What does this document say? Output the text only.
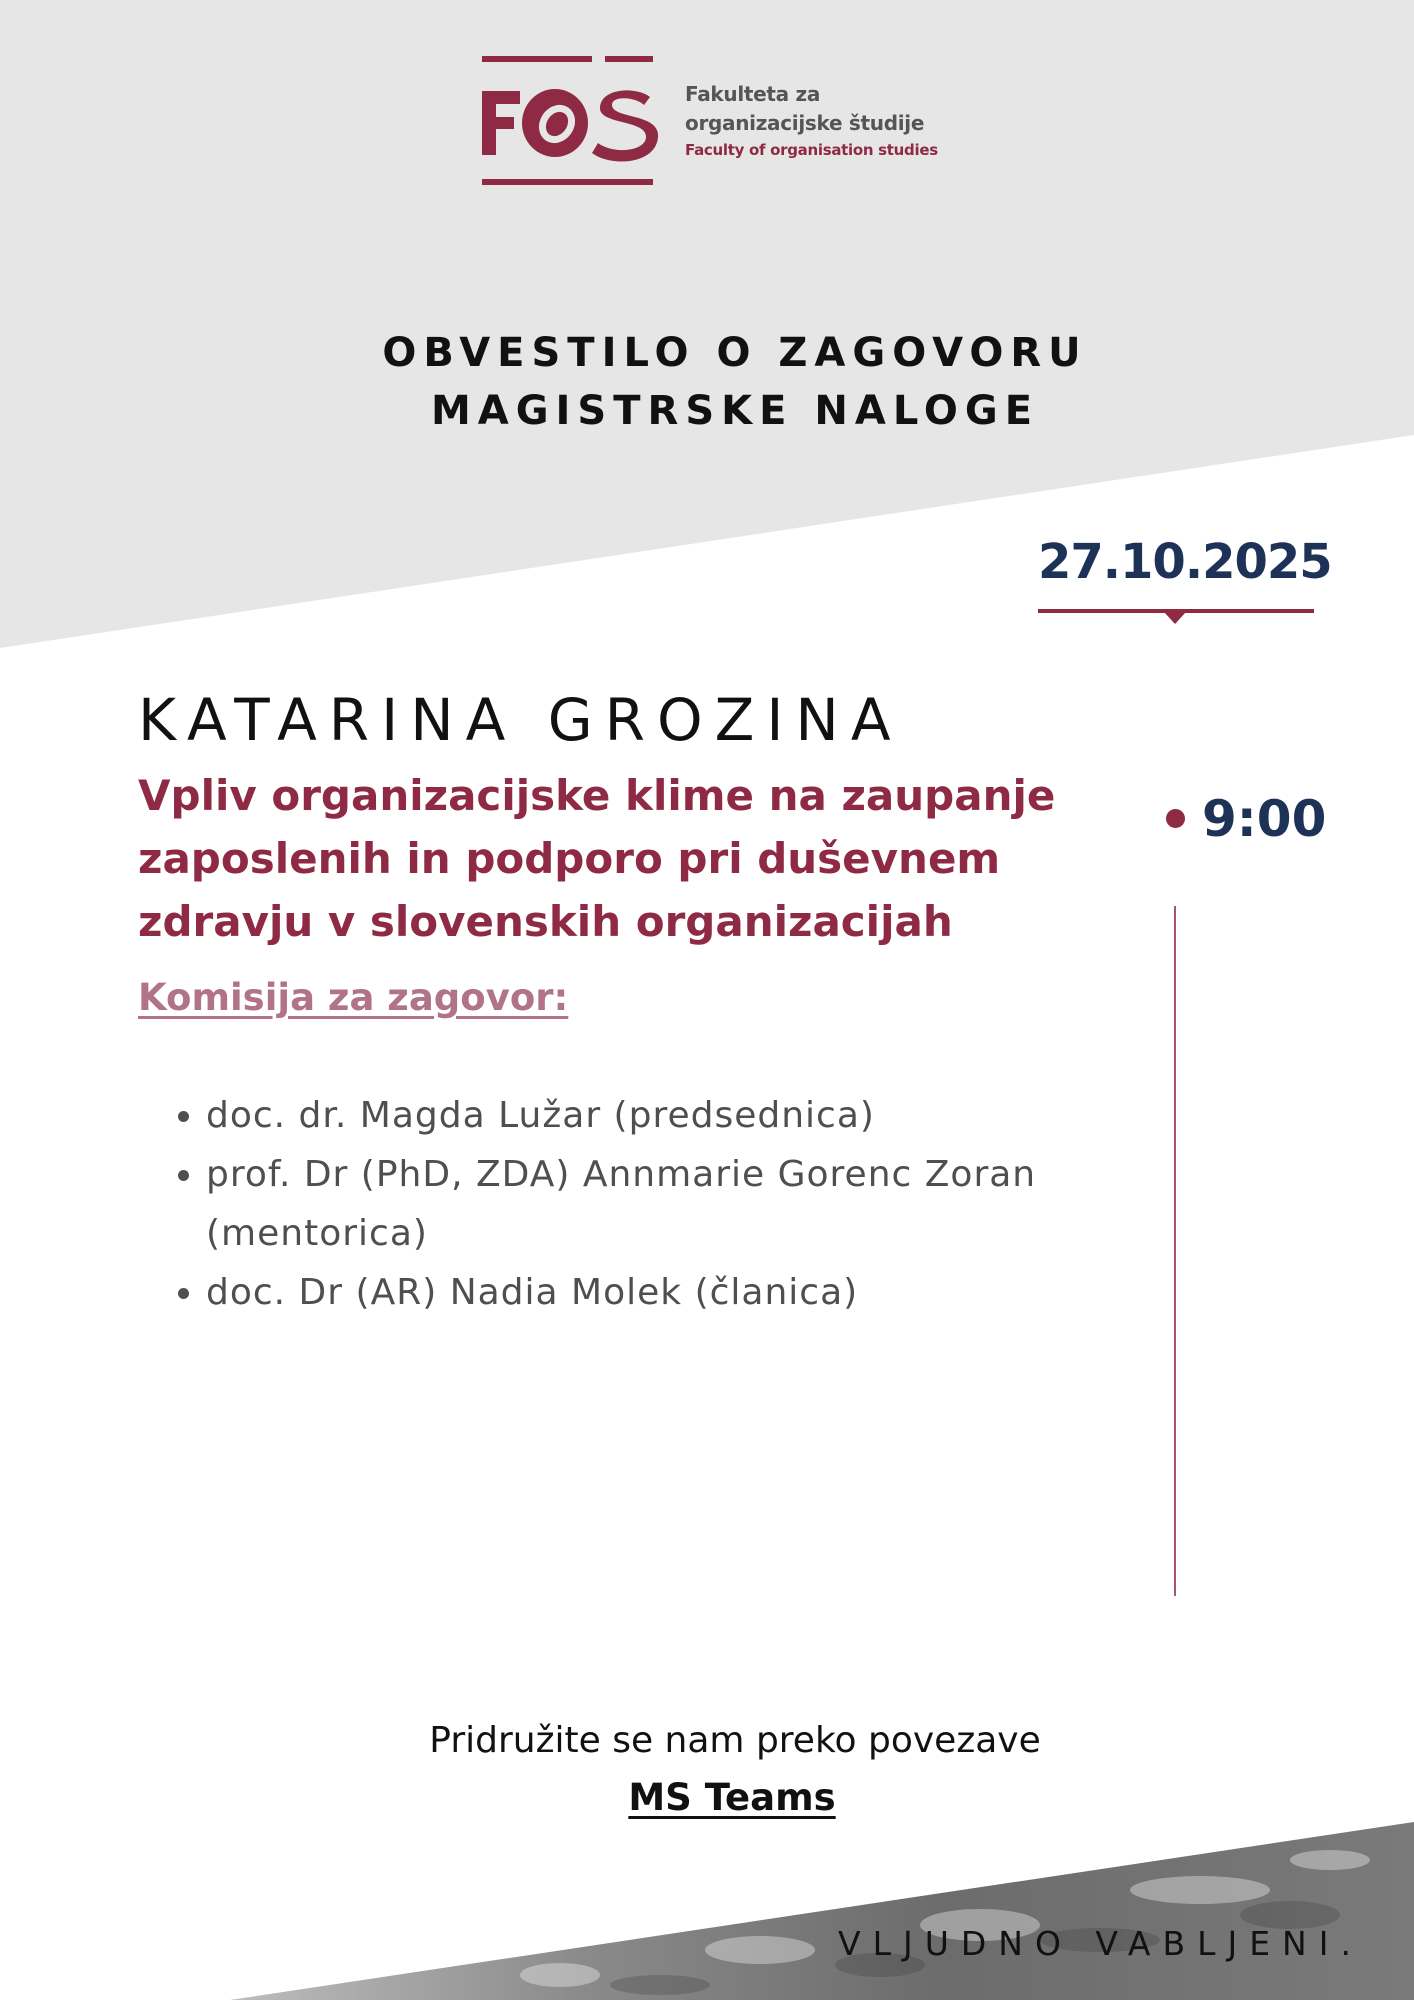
Fakulteta za
organizacijske študije
Faculty of organisation studies
OBVESTILO O ZAGOVORU
MAGISTRSKE NALOGE
27.10.2025
KATARINA GROZINA
Vpliv organizacijske klime na zaupanje zaposlenih in podporo pri duševnem zdravju v slovenskih organizacijah
Komisija za zagovor:
• doc. dr. Magda Lužar (predsednica)
• prof. Dr (PhD, ZDA) Annmarie Gorenc Zoran (mentorica)
• doc. Dr (AR) Nadia Molek (članica)
9:00
Pridružite se nam preko povezave
MS Teams
VLJUDNO VABLJENI.
